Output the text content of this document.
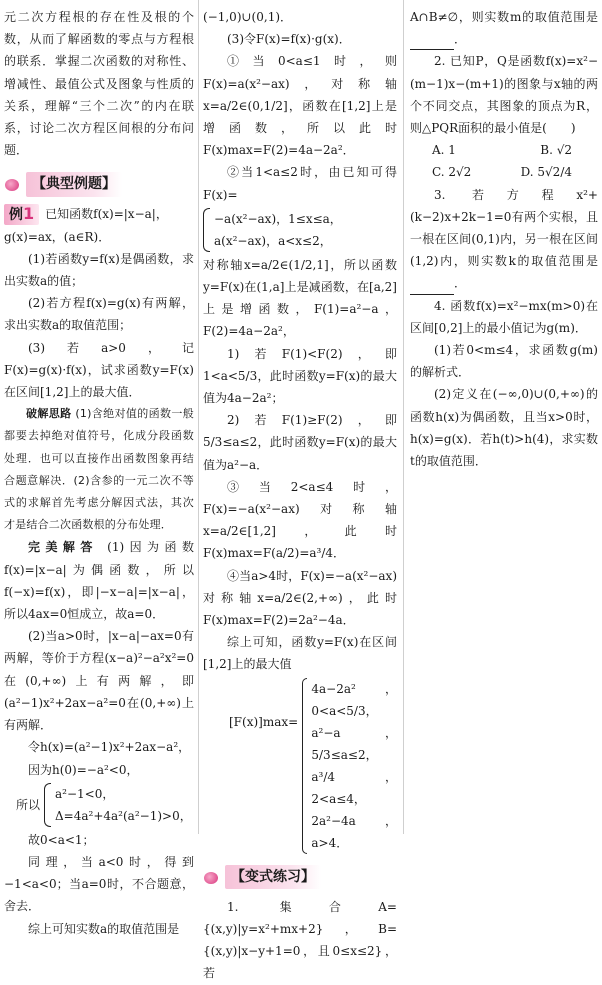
元二次方程根的存在性及根的个数，从而了解函数的零点与方程根的联系．掌握二次函数的对称性、增减性、最值公式及图象与性质的关系，理解“三个二次”的内在联系，讨论二次方程区间根的分布问题．

【典型例题】
例1 已知函数f(x)=|x−a|，

g(x)=ax，(a∈R)．

(1)若函数y=f(x)是偶函数，求出实数a的值；

(2)若方程f(x)=g(x)有两解，求出实数a的取值范围；

(3)若a>0，记F(x)=g(x)·f(x)，试求函数y=F(x)在区间[1,2]上的最大值．

破解思路 (1)含绝对值的函数一般都要去掉绝对值符号，化成分段函数处理．也可以直接作出函数图象再结合题意解决．(2)含参的一元二次不等式的求解首先考虑分解因式法，其次才是结合二次函数根的分布处理．

完美解答 (1)因为函数f(x)=|x−a|为偶函数，所以f(−x)=f(x)，即|−x−a|=|x−a|，所以4ax=0恒成立，故a=0．

(2)当a>0时，|x−a|−ax=0有两解，等价于方程(x−a)²−a²x²=0在(0,+∞)上有两解，即(a²−1)x²+2ax−a²=0在(0,+∞)上有两解．

令h(x)=(a²−1)x²+2ax−a²，

因为h(0)=−a²<0，

所以
a²−1<0，
Δ=4a²+4a²(a²−1)>0，

故0<a<1；

同理，当a<0时，得到−1<a<0；当a=0时，不合题意，舍去．

综上可知实数a的取值范围是

(−1,0)∪(0,1)．

(3)令F(x)=f(x)·g(x)．

①当0<a≤1时，则F(x)=a(x²−ax)，对称轴x=a/2∈(0,1/2]，函数在[1,2]上是增函数，所以此时F(x)max=F(2)=4a−2a²．

②当1<a≤2时，由已知可得F(x)=

−a(x²−ax)，1≤x≤a，
a(x²−ax)，a<x≤2，

对称轴x=a/2∈(1/2,1]，所以函数y=F(x)在(1,a]上是减函数，在[a,2]上是增函数，F(1)=a²−a，F(2)=4a−2a²，

1)若F(1)<F(2)，即1<a<5/3，此时函数y=F(x)的最大值为4a−2a²；

2)若F(1)≥F(2)，即5/3≤a≤2，此时函数y=F(x)的最大值为a²−a．

③当2<a≤4时，F(x)=−a(x²−ax)对称轴x=a/2∈[1,2]，此时F(x)max=F(a/2)=a³/4．

④当a>4时，F(x)=−a(x²−ax)对称轴x=a/2∈(2,+∞)，此时F(x)max=F(2)=2a²−4a．

综上可知，函数y=F(x)在区间[1,2]上的最大值

[F(x)]max=
4a−2a²，0<a<5/3，
a²−a，5/3≤a≤2，
a³/4，2<a≤4，
2a²−4a，a>4．
【变式练习】

1. 集合A={(x,y)|y=x²+mx+2}，B={(x,y)|x−y+1=0，且0≤x≤2}，若

A∩B≠∅，则实数m的取值范围是 ．

2. 已知P，Q是函数f(x)=x²−(m−1)x−(m+1)的图象与x轴的两个不同交点，其图象的顶点为R，则△PQR面积的最小值是(　　)

A. 1	B. √2
C. 2√2	D. 5√2/4

3. 若方程x²+(k−2)x+2k−1=0有两个实根，且一根在区间(0,1)内，另一根在区间(1,2)内，则实数k的取值范围是．

4. 函数f(x)=x²−mx(m>0)在区间[0,2]上的最小值记为g(m)．

(1)若0<m≤4，求函数g(m)的解析式．

(2)定义在(−∞,0)∪(0,+∞)的函数h(x)为偶函数，且当x>0时，h(x)=g(x)．若h(t)>h(4)，求实数t的取值范围．
